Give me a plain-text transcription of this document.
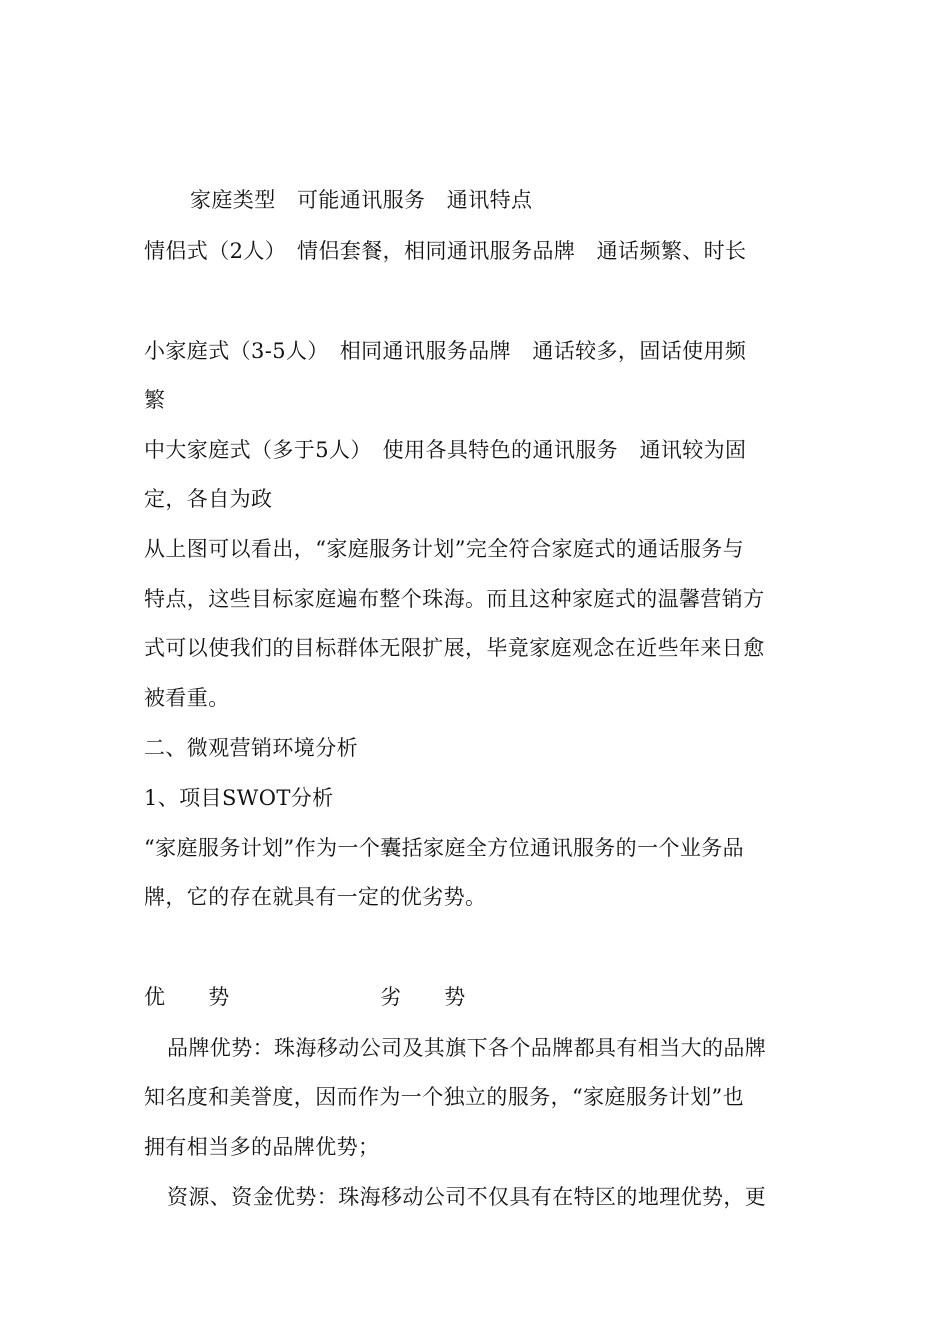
家庭类型　可能通讯服务　通讯特点
情侣式（2人）　情侣套餐，相同通讯服务品牌　通话频繁、时长
小家庭式（3-5人）　相同通讯服务品牌　通话较多，固话使用频
繁
中大家庭式（多于5人）　使用各具特色的通讯服务　通讯较为固
定，各自为政
从上图可以看出，“家庭服务计划”完全符合家庭式的通话服务与
特点，这些目标家庭遍布整个珠海。而且这种家庭式的温馨营销方
式可以使我们的目标群体无限扩展，毕竟家庭观念在近些年来日愈
被看重。
二、微观营销环境分析
1、项目SWOT分析
“家庭服务计划”作为一个囊括家庭全方位通讯服务的一个业务品
牌，它的存在就具有一定的优劣势。
优　　势	劣　　势
品牌优势：珠海移动公司及其旗下各个品牌都具有相当大的品牌
知名度和美誉度，因而作为一个独立的服务，“家庭服务计划”也
拥有相当多的品牌优势；
资源、资金优势：珠海移动公司不仅具有在特区的地理优势，更
